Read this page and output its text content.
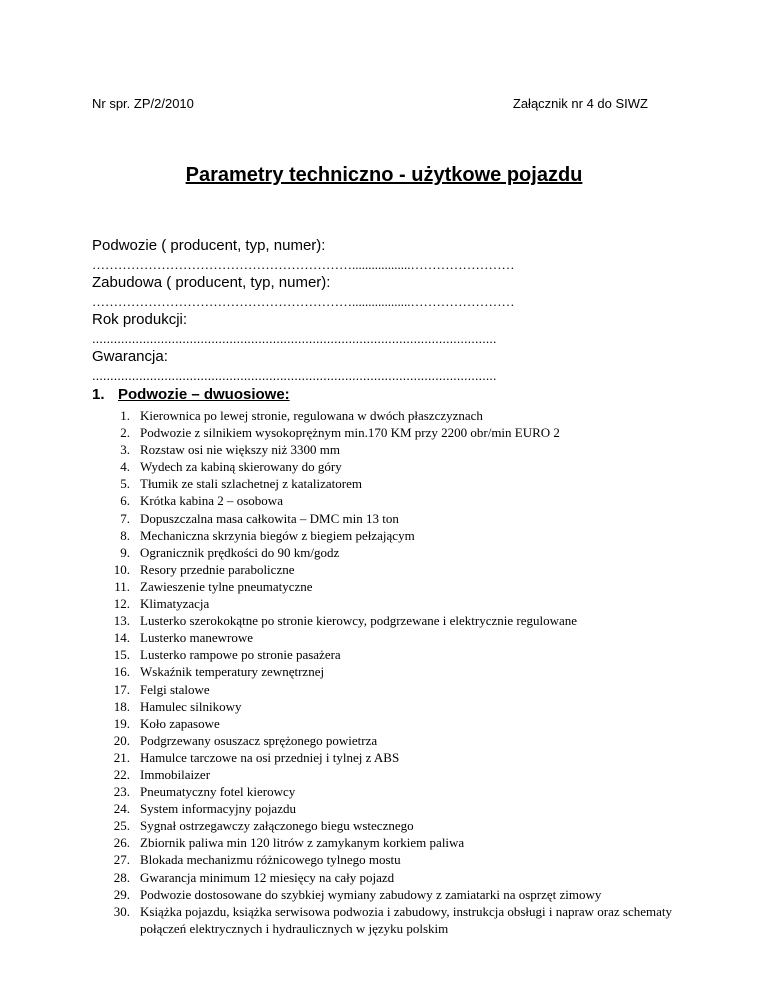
Nr spr. ZP/2/2010	Załącznik nr 4 do SIWZ
Parametry techniczno - użytkowe pojazdu
Podwozie ( producent, typ, numer):
……………………………………………………..................……………………
Zabudowa ( producent, typ, numer):
……………………………………………………..................……………………
Rok produkcji:
................................................................................................................
Gwarancja:
................................................................................................................
1. Podwozie – dwuosiowe:
1. Kierownica po lewej stronie, regulowana w dwóch płaszczyznach
2. Podwozie z silnikiem wysokoprężnym min.170 KM przy 2200 obr/min EURO 2
3. Rozstaw osi nie większy niż 3300 mm
4. Wydech za kabiną skierowany do góry
5. Tłumik ze stali szlachetnej z katalizatorem
6. Krótka kabina 2 – osobowa
7. Dopuszczalna masa całkowita – DMC min 13 ton
8. Mechaniczna skrzynia biegów z biegiem pełzającym
9. Ogranicznik prędkości do 90 km/godz
10. Resory przednie paraboliczne
11. Zawieszenie tylne pneumatyczne
12. Klimatyzacja
13. Lusterko szerokokątne po stronie kierowcy, podgrzewane i elektrycznie regulowane
14. Lusterko manewrowe
15. Lusterko rampowe po stronie pasażera
16. Wskaźnik temperatury zewnętrznej
17. Felgi stalowe
18. Hamulec silnikowy
19. Koło zapasowe
20. Podgrzewany osuszacz sprężonego powietrza
21. Hamulce tarczowe na osi przedniej i tylnej z ABS
22. Immobilaizer
23. Pneumatyczny fotel kierowcy
24. System informacyjny pojazdu
25. Sygnał ostrzegawczy załączonego biegu wstecznego
26. Zbiornik paliwa min 120 litrów z zamykanym korkiem paliwa
27. Blokada mechanizmu różnicowego tylnego mostu
28. Gwarancja minimum 12 miesięcy na cały pojazd
29. Podwozie dostosowane do szybkiej wymiany zabudowy z zamiatarki na osprzęt zimowy
30. Książka pojazdu, książka serwisowa podwozia i zabudowy, instrukcja obsługi i napraw oraz schematy połączeń elektrycznych i hydraulicznych w języku polskim
